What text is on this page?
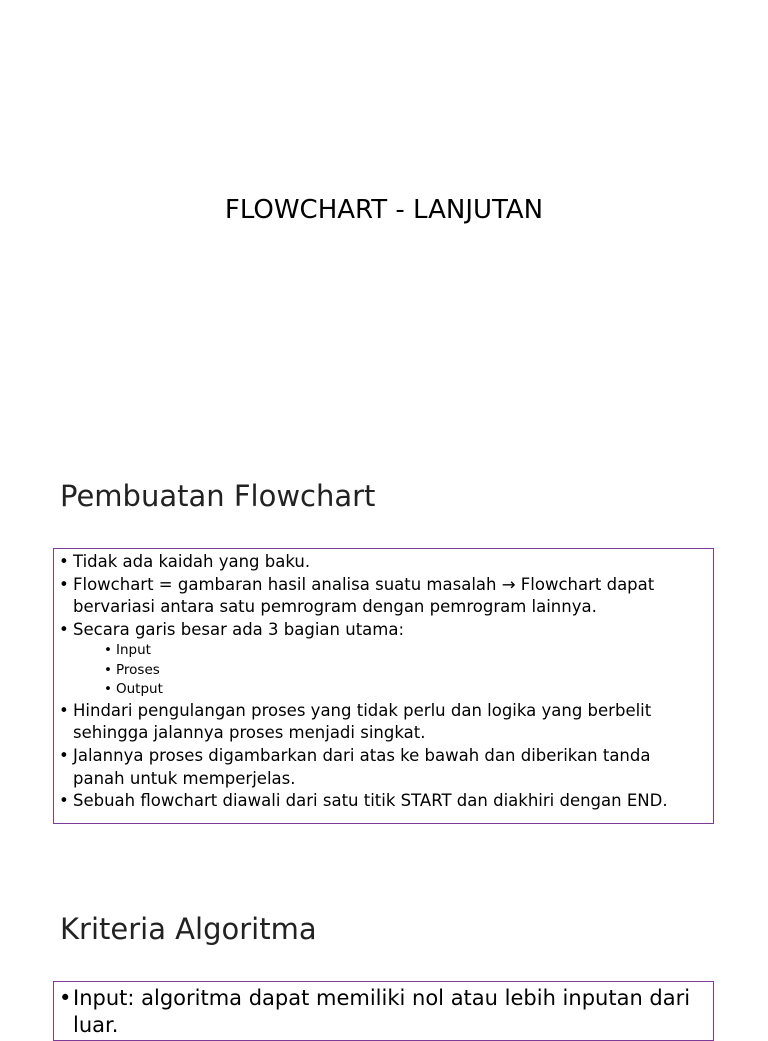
FLOWCHART - LANJUTAN
Pembuatan Flowchart
• Tidak ada kaidah yang baku.
• Flowchart = gambaran hasil analisa suatu masalah → Flowchart dapat bervariasi antara satu pemrogram dengan pemrogram lainnya.
• Secara garis besar ada 3 bagian utama:
• Input
• Proses
• Output
• Hindari pengulangan proses yang tidak perlu dan logika yang berbelit sehingga jalannya proses menjadi singkat.
• Jalannya proses digambarkan dari atas ke bawah dan diberikan tanda panah untuk memperjelas.
• Sebuah flowchart diawali dari satu titik START dan diakhiri dengan END.
Kriteria Algoritma
• Input: algoritma dapat memiliki nol atau lebih inputan dari luar.
